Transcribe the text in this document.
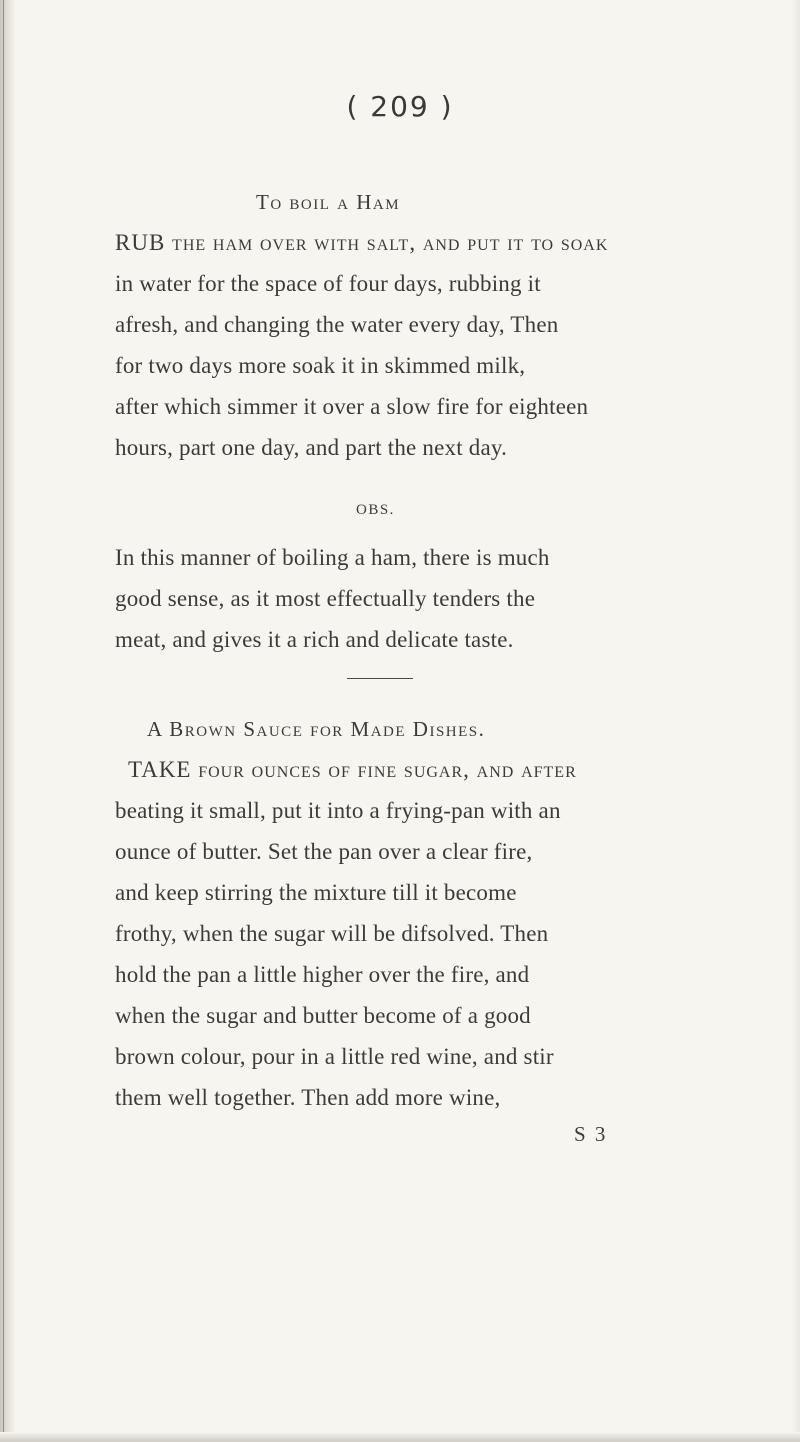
( 209 )
To boil a Ham
RUB the ham over with salt, and put it to soak
in water for the space of four days, rubbing it
afresh, and changing the water every day, Then
for two days more soak it in skimmed milk,
after which simmer it over a slow fire for eighteen
hours, part one day, and part the next day.
OBS.
In this manner of boiling a ham, there is much
good sense, as it most effectually tenders the
meat, and gives it a rich and delicate taste.
A Brown Sauce for Made Dishes.
TAKE four ounces of fine sugar, and after
beating it small, put it into a frying-pan with an
ounce of butter. Set the pan over a clear fire,
and keep stirring the mixture till it become
frothy, when the sugar will be difsolved. Then
hold the pan a little higher over the fire, and
when the sugar and butter become of a good
brown colour, pour in a little red wine, and stir
them well together. Then add more wine,
S 3
